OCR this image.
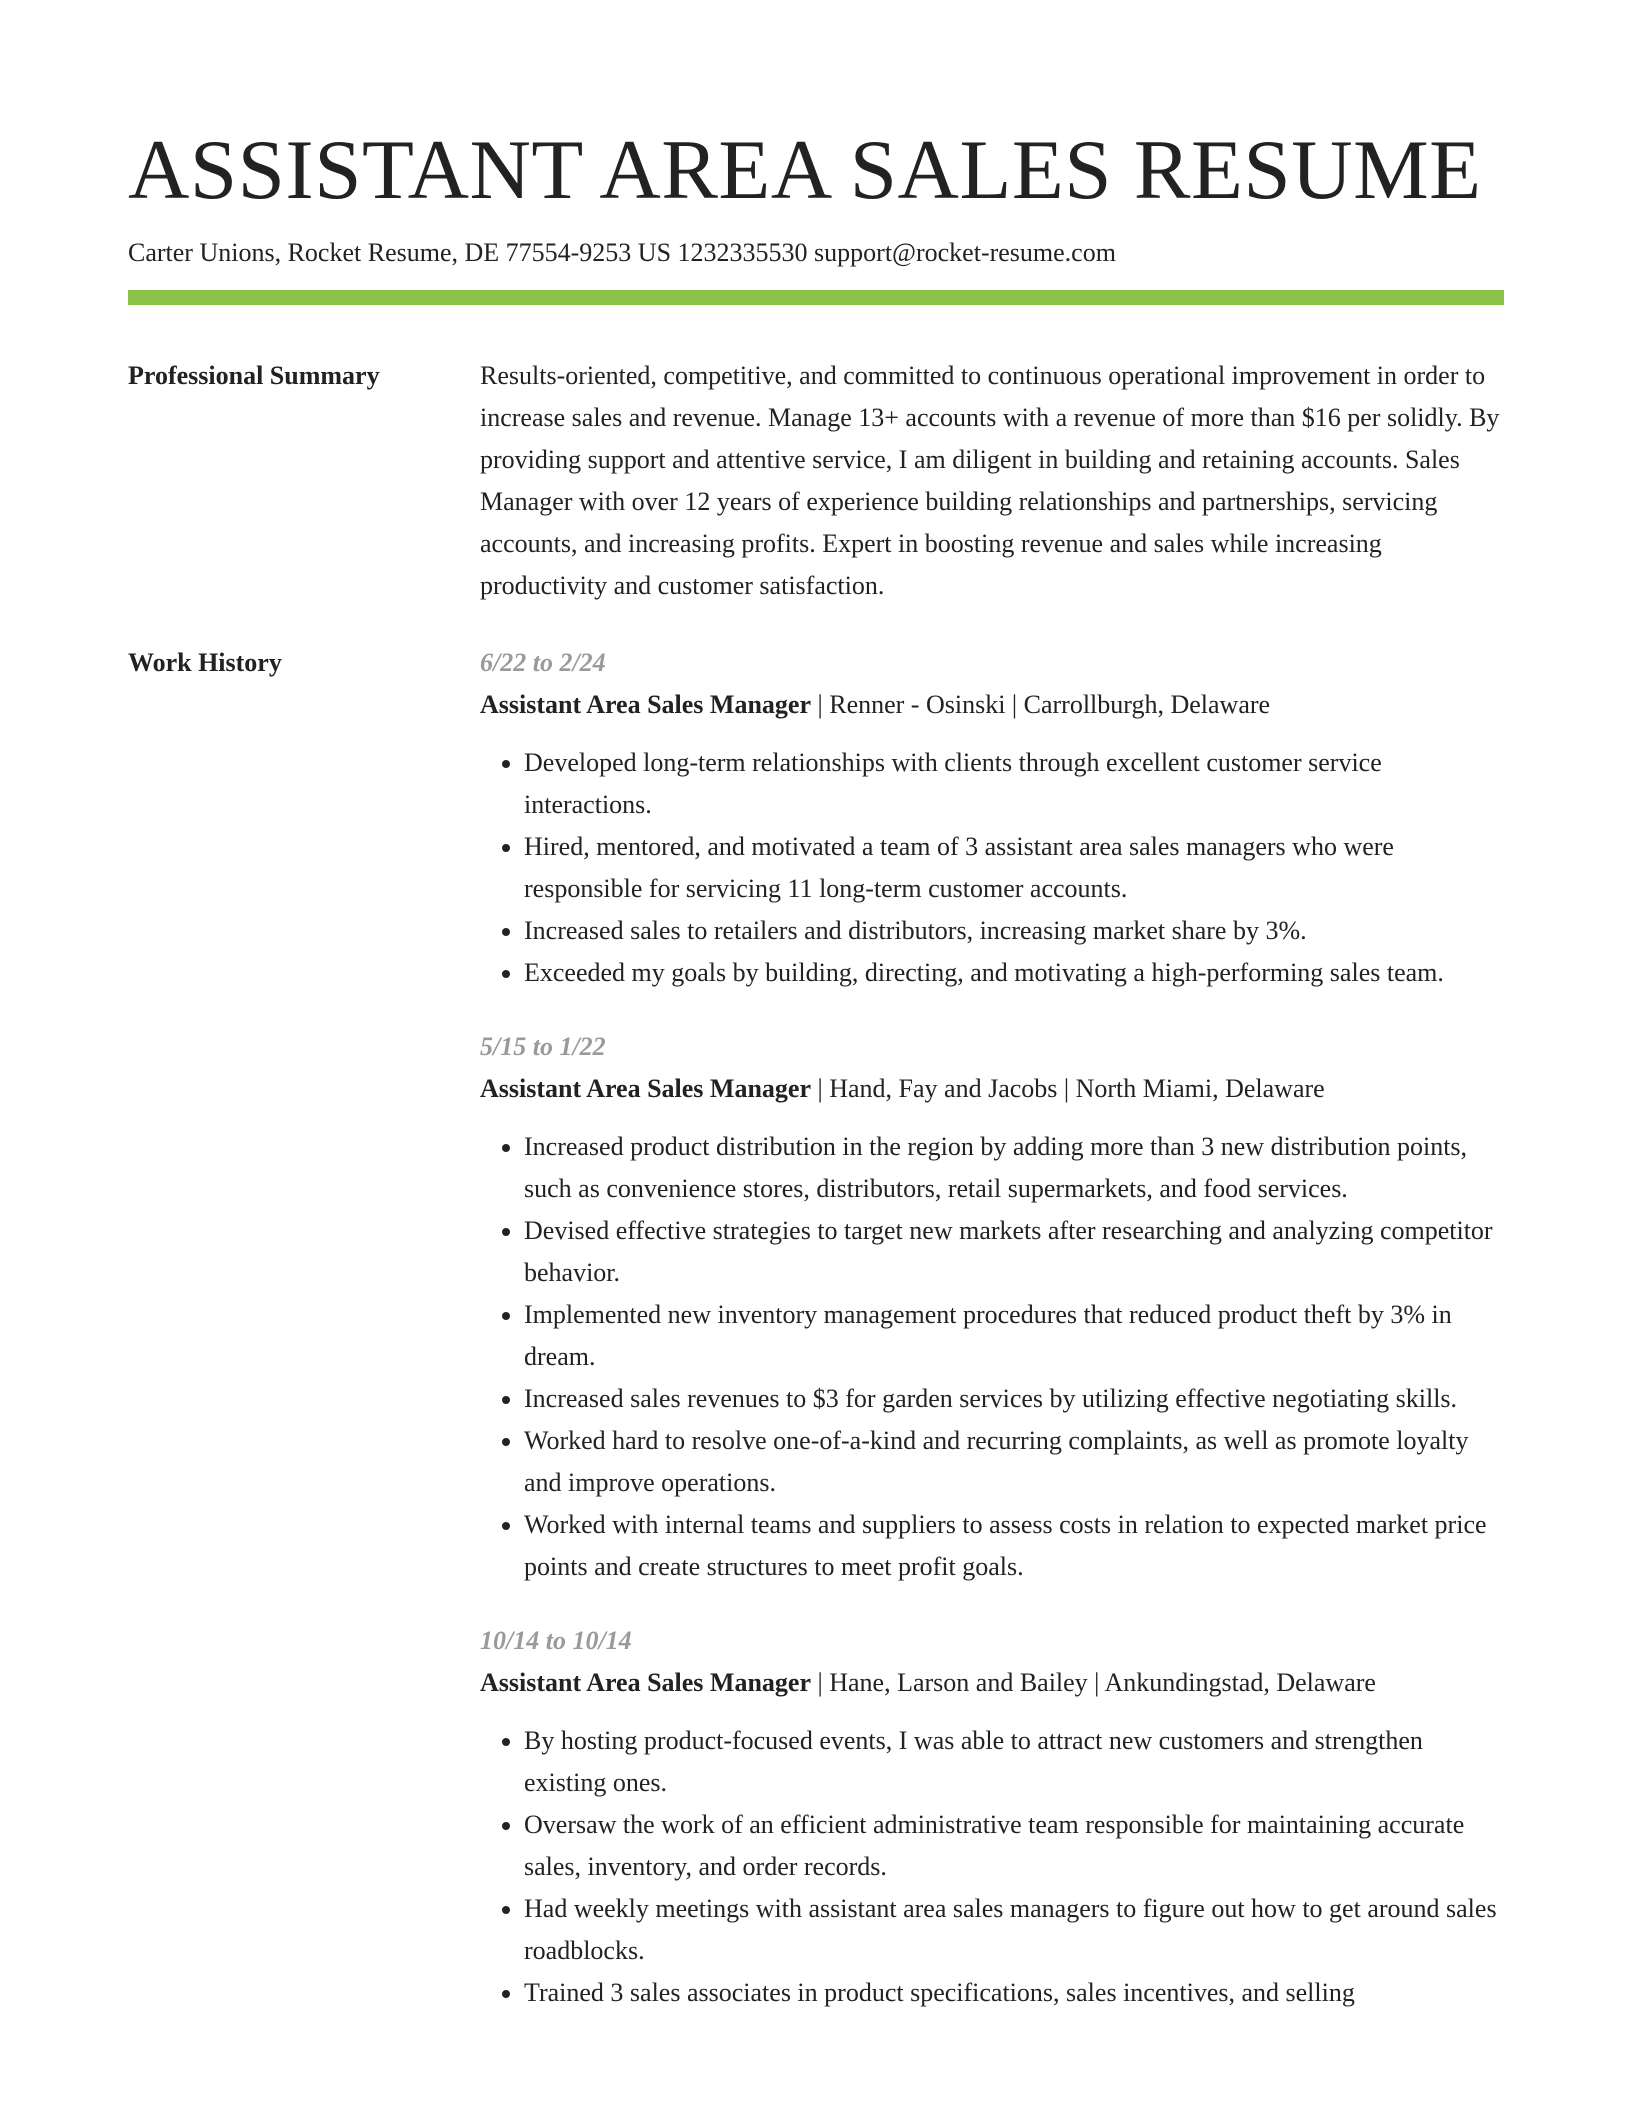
ASSISTANT AREA SALES RESUME
Carter Unions, Rocket Resume, DE 77554-9253 US 1232335530 support@rocket-resume.com
Professional Summary	Results-oriented, competitive, and committed to continuous operational improvement in order to increase sales and revenue. Manage 13+ accounts with a revenue of more than $16 per solidly. By providing support and attentive service, I am diligent in building and retaining accounts. Sales Manager with over 12 years of experience building relationships and partnerships, servicing accounts, and increasing profits. Expert in boosting revenue and sales while increasing productivity and customer satisfaction.

Work History	6/22 to 2/24
Assistant Area Sales Manager | Renner - Osinski | Carrollburgh, Delaware
• Developed long-term relationships with clients through excellent customer service interactions.
• Hired, mentored, and motivated a team of 3 assistant area sales managers who were responsible for servicing 11 long-term customer accounts.
• Increased sales to retailers and distributors, increasing market share by 3%.
• Exceeded my goals by building, directing, and motivating a high-performing sales team.
5/15 to 1/22
Assistant Area Sales Manager | Hand, Fay and Jacobs | North Miami, Delaware
• Increased product distribution in the region by adding more than 3 new distribution points, such as convenience stores, distributors, retail supermarkets, and food services.
• Devised effective strategies to target new markets after researching and analyzing competitor behavior.
• Implemented new inventory management procedures that reduced product theft by 3% in dream.
• Increased sales revenues to $3 for garden services by utilizing effective negotiating skills.
• Worked hard to resolve one-of-a-kind and recurring complaints, as well as promote loyalty and improve operations.
• Worked with internal teams and suppliers to assess costs in relation to expected market price points and create structures to meet profit goals.
10/14 to 10/14
Assistant Area Sales Manager | Hane, Larson and Bailey | Ankundingstad, Delaware
• By hosting product-focused events, I was able to attract new customers and strengthen existing ones.
• Oversaw the work of an efficient administrative team responsible for maintaining accurate sales, inventory, and order records.
• Had weekly meetings with assistant area sales managers to figure out how to get around sales roadblocks.
• Trained 3 sales associates in product specifications, sales incentives, and selling
